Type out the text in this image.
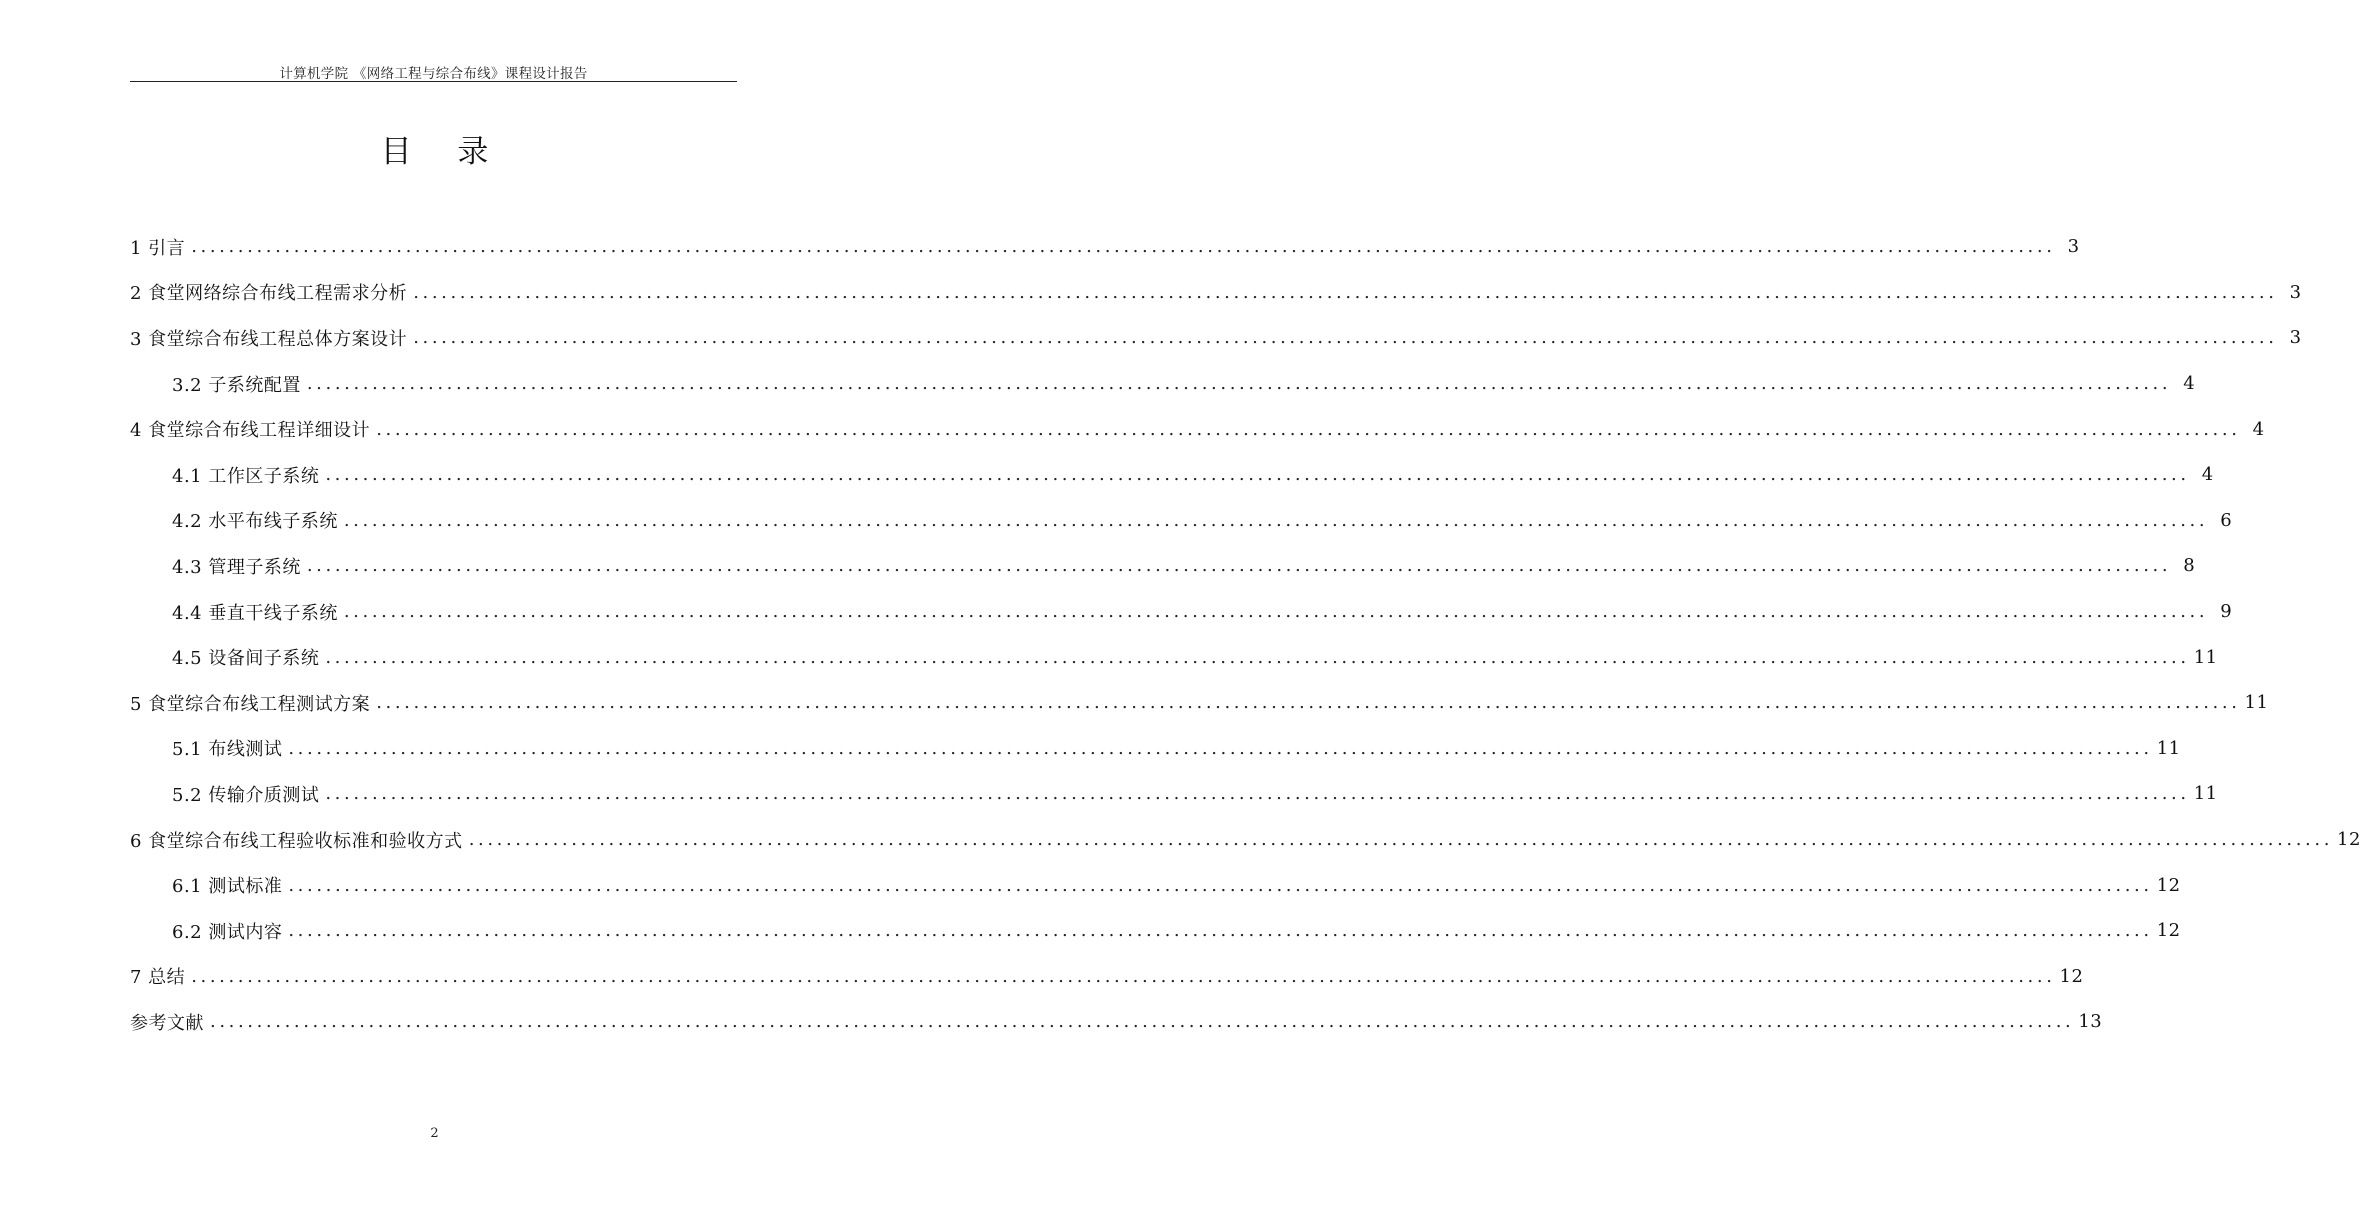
计算机学院 《网络工程与综合布线》课程设计报告
目 录
1 引言 ........................................................................................................................................................................................................ 3
2 食堂网络综合布线工程需求分析 ........................................................................................................................................................................................................ 3
3 食堂综合布线工程总体方案设计 ........................................................................................................................................................................................................ 3
3.2 子系统配置 ........................................................................................................................................................................................................ 4
4 食堂综合布线工程详细设计 ........................................................................................................................................................................................................ 4
4.1 工作区子系统 ........................................................................................................................................................................................................ 4
4.2 水平布线子系统 ........................................................................................................................................................................................................ 6
4.3 管理子系统 ........................................................................................................................................................................................................ 8
4.4 垂直干线子系统 ........................................................................................................................................................................................................ 9
4.5 设备间子系统 ........................................................................................................................................................................................................ 11
5 食堂综合布线工程测试方案 ........................................................................................................................................................................................................ 11
5.1 布线测试 ........................................................................................................................................................................................................ 11
5.2 传输介质测试 ........................................................................................................................................................................................................ 11
6 食堂综合布线工程验收标准和验收方式 ........................................................................................................................................................................................................ 12
6.1 测试标准 ........................................................................................................................................................................................................ 12
6.2 测试内容 ........................................................................................................................................................................................................ 12
7 总结 ........................................................................................................................................................................................................ 12
参考文献 ........................................................................................................................................................................................................ 13
2
